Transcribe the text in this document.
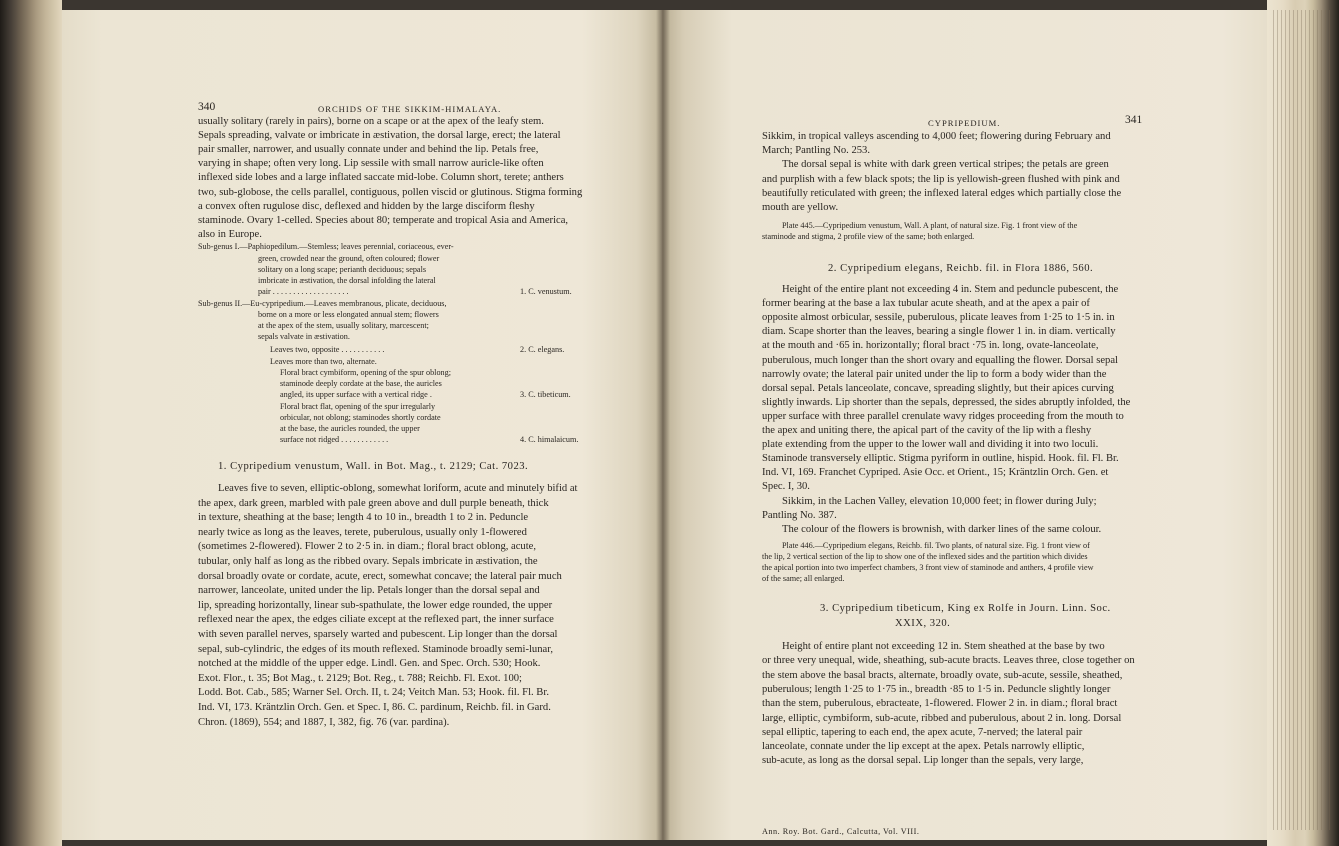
340	ORCHIDS OF THE SIKKIM-HIMALAYA.
usually solitary (rarely in pairs), borne on a scape or at the apex of the leafy stem.
Sepals spreading, valvate or imbricate in æstivation, the dorsal large, erect; the lateral
pair smaller, narrower, and usually connate under and behind the lip. Petals free,
varying in shape; often very long. Lip sessile with small narrow auricle-like often
inflexed side lobes and a large inflated saccate mid-lobe. Column short, terete; anthers
two, sub-globose, the cells parallel, contiguous, pollen viscid or glutinous. Stigma forming
a convex often rugulose disc, deflexed and hidden by the large disciform fleshy
staminode. Ovary 1-celled. Species about 80; temperate and tropical Asia and America,
also in Europe.
Sub-genus I.—Paphiopedilum.—Stemless; leaves perennial, coriaceous, ever-
green, crowded near the ground, often coloured; flower
solitary on a long scape; perianth deciduous; sepals
imbricate in æstivation, the dorsal infolding the lateral
pair . . . . . . . . . . . . . . . . . . .	1. C. venustum.
Sub-genus II.—Eu-cypripedium.—Leaves membranous, plicate, deciduous,
borne on a more or less elongated annual stem; flowers
at the apex of the stem, usually solitary, marcescent;
sepals valvate in æstivation.
Leaves two, opposite . . . . . . . . . . .	2. C. elegans.
Leaves more than two, alternate.
Floral bract cymbiform, opening of the spur oblong;
staminode deeply cordate at the base, the auricles
angled, its upper surface with a vertical ridge .	3. C. tibeticum.
Floral bract flat, opening of the spur irregularly
orbicular, not oblong; staminodes shortly cordate
at the base, the auricles rounded, the upper
surface not ridged . . . . . . . . . . . .	4. C. himalaicum.
1. Cypripedium venustum, Wall. in Bot. Mag., t. 2129; Cat. 7023.
Leaves five to seven, elliptic-oblong, somewhat loriform, acute and minutely bifid at
the apex, dark green, marbled with pale green above and dull purple beneath, thick
in texture, sheathing at the base; length 4 to 10 in., breadth 1 to 2 in. Peduncle
nearly twice as long as the leaves, terete, puberulous, usually only 1-flowered
(sometimes 2-flowered). Flower 2 to 2·5 in. in diam.; floral bract oblong, acute,
tubular, only half as long as the ribbed ovary. Sepals imbricate in æstivation, the
dorsal broadly ovate or cordate, acute, erect, somewhat concave; the lateral pair much
narrower, lanceolate, united under the lip. Petals longer than the dorsal sepal and
lip, spreading horizontally, linear sub-spathulate, the lower edge rounded, the upper
reflexed near the apex, the edges ciliate except at the reflexed part, the inner surface
with seven parallel nerves, sparsely warted and pubescent. Lip longer than the dorsal
sepal, sub-cylindric, the edges of its mouth reflexed. Staminode broadly semi-lunar,
notched at the middle of the upper edge. Lindl. Gen. and Spec. Orch. 530; Hook.
Exot. Flor., t. 35; Bot Mag., t. 2129; Bot. Reg., t. 788; Reichb. Fl. Exot. 100;
Lodd. Bot. Cab., 585; Warner Sel. Orch. II, t. 24; Veitch Man. 53; Hook. fil. Fl. Br.
Ind. VI, 173. Kräntzlin Orch. Gen. et Spec. I, 86. C. pardinum, Reichb. fil. in Gard.
Chron. (1869), 554; and 1887, I, 382, fig. 76 (var. pardina).
CYPRIPEDIUM.	341
Sikkim, in tropical valleys ascending to 4,000 feet; flowering during February and
March; Pantling No. 253.
The dorsal sepal is white with dark green vertical stripes; the petals are green
and purplish with a few black spots; the lip is yellowish-green flushed with pink and
beautifully reticulated with green; the inflexed lateral edges which partially close the
mouth are yellow.
Plate 445.—Cypripedium venustum, Wall. A plant, of natural size. Fig. 1 front view of the
staminode and stigma, 2 profile view of the same; both enlarged.
2. Cypripedium elegans, Reichb. fil. in Flora 1886, 560.
Height of the entire plant not exceeding 4 in. Stem and peduncle pubescent, the
former bearing at the base a lax tubular acute sheath, and at the apex a pair of
opposite almost orbicular, sessile, puberulous, plicate leaves from 1·25 to 1·5 in. in
diam. Scape shorter than the leaves, bearing a single flower 1 in. in diam. vertically
at the mouth and ·65 in. horizontally; floral bract ·75 in. long, ovate-lanceolate,
puberulous, much longer than the short ovary and equalling the flower. Dorsal sepal
narrowly ovate; the lateral pair united under the lip to form a body wider than the
dorsal sepal. Petals lanceolate, concave, spreading slightly, but their apices curving
slightly inwards. Lip shorter than the sepals, depressed, the sides abruptly infolded, the
upper surface with three parallel crenulate wavy ridges proceeding from the mouth to
the apex and uniting there, the apical part of the cavity of the lip with a fleshy
plate extending from the upper to the lower wall and dividing it into two loculi.
Staminode transversely elliptic. Stigma pyriform in outline, hispid. Hook. fil. Fl. Br.
Ind. VI, 169. Franchet Cypriped. Asie Occ. et Orient., 15; Kräntzlin Orch. Gen. et
Spec. I, 30.
Sikkim, in the Lachen Valley, elevation 10,000 feet; in flower during July;
Pantling No. 387.
The colour of the flowers is brownish, with darker lines of the same colour.
Plate 446.—Cypripedium elegans, Reichb. fil. Two plants, of natural size. Fig. 1 front view of
the lip, 2 vertical section of the lip to show one of the inflexed sides and the partition which divides
the apical portion into two imperfect chambers, 3 front view of staminode and anthers, 4 profile view
of the same; all enlarged.
3. Cypripedium tibeticum, King ex Rolfe in Journ. Linn. Soc.
XXIX, 320.
Height of entire plant not exceeding 12 in. Stem sheathed at the base by two
or three very unequal, wide, sheathing, sub-acute bracts. Leaves three, close together on
the stem above the basal bracts, alternate, broadly ovate, sub-acute, sessile, sheathed,
puberulous; length 1·25 to 1·75 in., breadth ·85 to 1·5 in. Peduncle slightly longer
than the stem, puberulous, ebracteate, 1-flowered. Flower 2 in. in diam.; floral bract
large, elliptic, cymbiform, sub-acute, ribbed and puberulous, about 2 in. long. Dorsal
sepal elliptic, tapering to each end, the apex acute, 7-nerved; the lateral pair
lanceolate, connate under the lip except at the apex. Petals narrowly elliptic,
sub-acute, as long as the dorsal sepal. Lip longer than the sepals, very large,
Ann. Roy. Bot. Gard., Calcutta, Vol. VIII.
